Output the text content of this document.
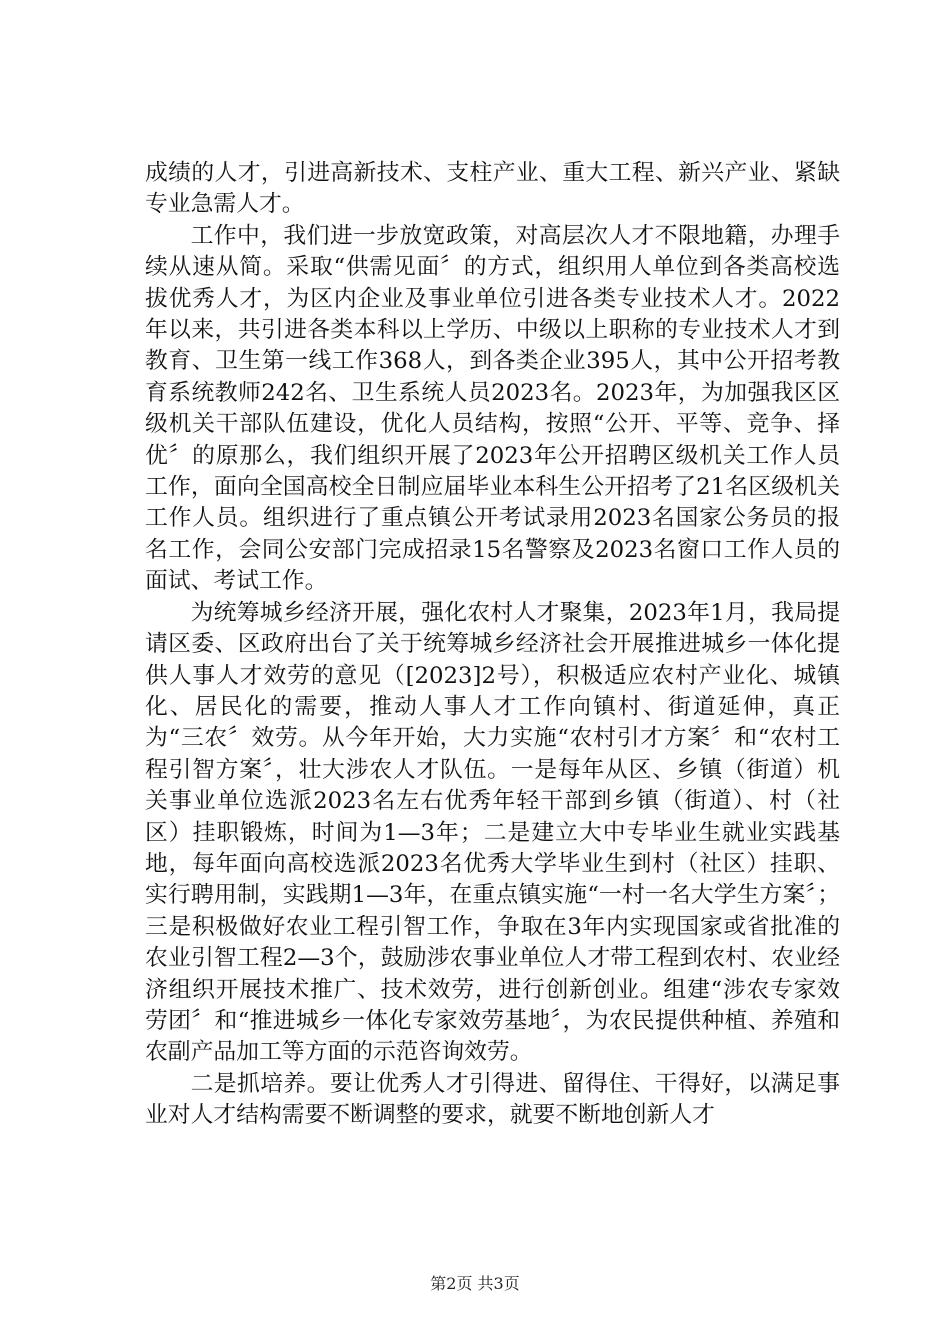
成绩的人才，引进高新技术、支柱产业、重大工程、新兴产业、紧缺专业急需人才。

工作中，我们进一步放宽政策，对高层次人才不限地籍，办理手续从速从简。采取“供需见面〞的方式，组织用人单位到各类高校选拔优秀人才，为区内企业及事业单位引进各类专业技术人才。2022年以来，共引进各类本科以上学历、中级以上职称的专业技术人才到教育、卫生第一线工作368人，到各类企业395人，其中公开招考教育系统教师242名、卫生系统人员2023名。2023年，为加强我区区级机关干部队伍建设，优化人员结构，按照“公开、平等、竞争、择优〞的原那么，我们组织开展了2023年公开招聘区级机关工作人员工作，面向全国高校全日制应届毕业本科生公开招考了21名区级机关工作人员。组织进行了重点镇公开考试录用2023名国家公务员的报名工作，会同公安部门完成招录15名警察及2023名窗口工作人员的面试、考试工作。

为统筹城乡经济开展，强化农村人才聚集，2023年1月，我局提请区委、区政府出台了关于统筹城乡经济社会开展推进城乡一体化提供人事人才效劳的意见（[2023]2号），积极适应农村产业化、城镇化、居民化的需要，推动人事人才工作向镇村、街道延伸，真正为“三农〞效劳。从今年开始，大力实施“农村引才方案〞和“农村工程引智方案〞，壮大涉农人才队伍。一是每年从区、乡镇（街道）机关事业单位选派2023名左右优秀年轻干部到乡镇（街道）、村（社区）挂职锻炼，时间为1—3年；二是建立大中专毕业生就业实践基地，每年面向高校选派2023名优秀大学毕业生到村（社区）挂职、实行聘用制，实践期1—3年，在重点镇实施“一村一名大学生方案〞；三是积极做好农业工程引智工作，争取在3年内实现国家或省批准的农业引智工程2—3个，鼓励涉农事业单位人才带工程到农村、农业经济组织开展技术推广、技术效劳，进行创新创业。组建“涉农专家效劳团〞和“推进城乡一体化专家效劳基地〞，为农民提供种植、养殖和农副产品加工等方面的示范咨询效劳。

二是抓培养。要让优秀人才引得进、留得住、干得好，以满足事业对人才结构需要不断调整的要求，就要不断地创新人才

第2页 共3页
